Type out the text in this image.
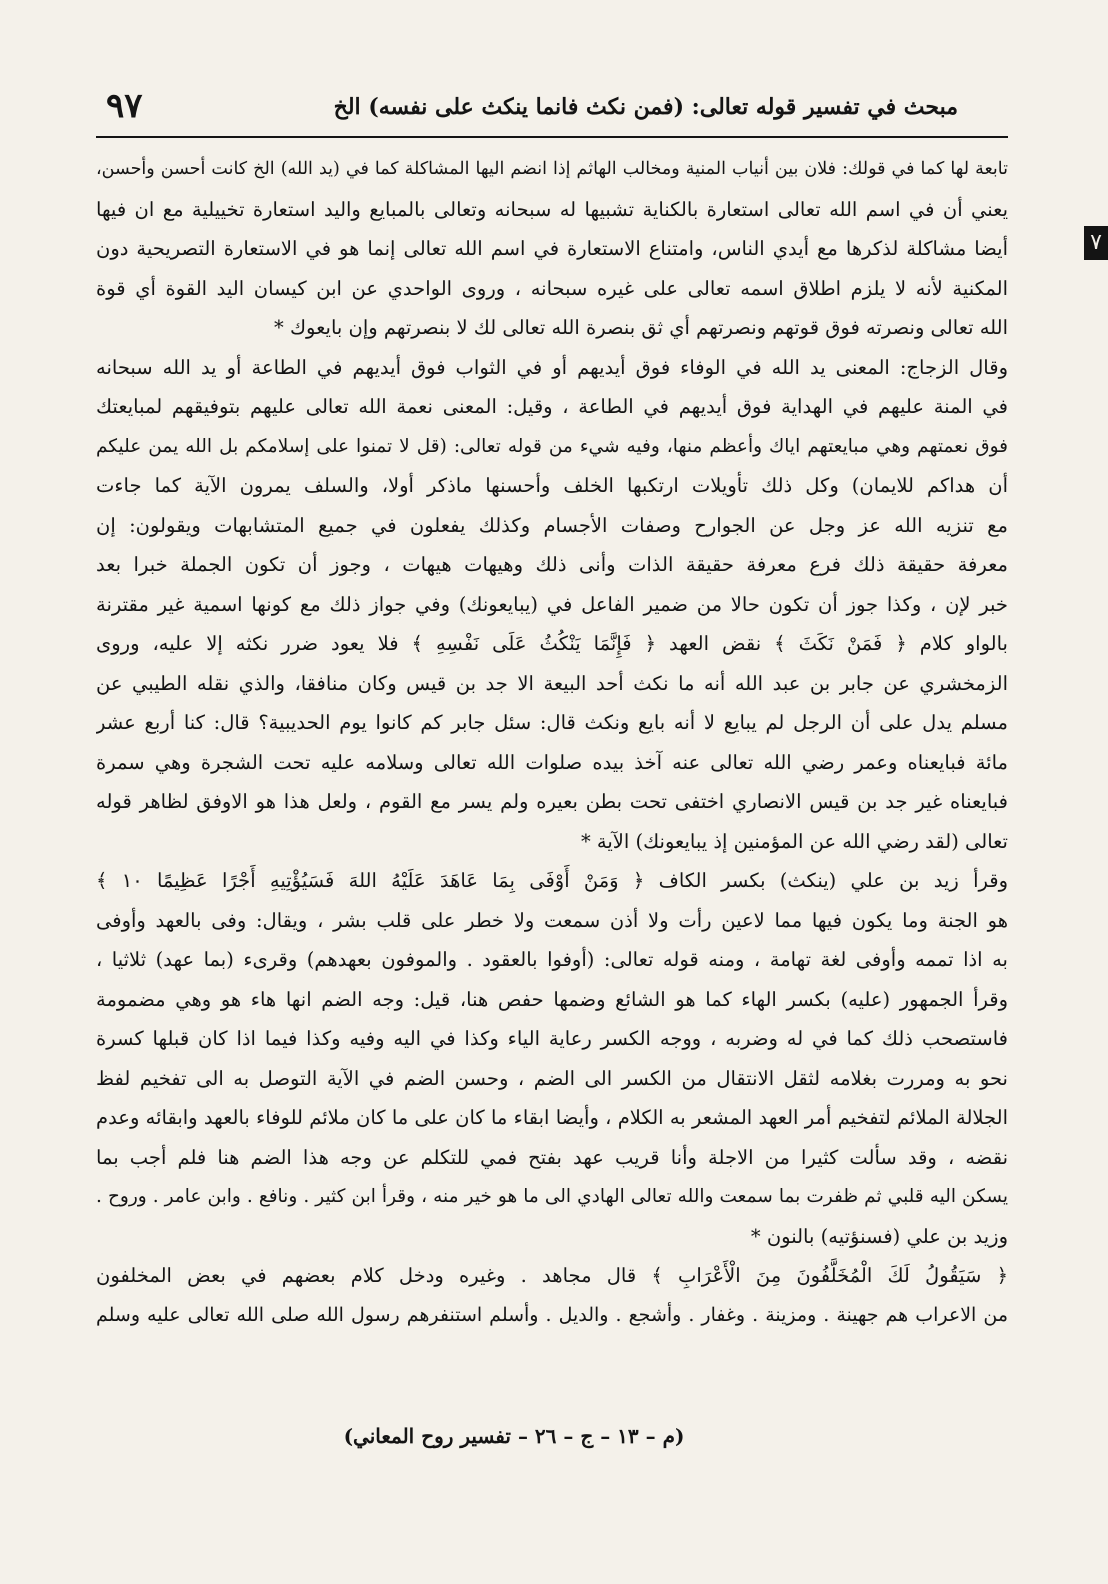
مبحث في تفسير قوله تعالى: (فمن نكث فانما ينكث على نفسه) الخ
٩٧
٧
تابعة لها كما في قولك: فلان بين أنياب المنية ومخالب الهاثم إذا انضم اليها المشاكلة كما في (يد الله) الخ كانت أحسن وأحسن،
يعني أن في اسم الله تعالى استعارة بالكناية تشبيها له سبحانه وتعالى بالمبايع واليد استعارة تخييلية مع ان فيها
أيضا مشاكلة لذكرها مع أيدي الناس، وامتناع الاستعارة في اسم الله تعالى إنما هو في الاستعارة التصريحية دون
المكنية لأنه لا يلزم اطلاق اسمه تعالى على غيره سبحانه ، وروى الواحدي عن ابن كيسان اليد القوة أي قوة
الله تعالى ونصرته فوق قوتهم ونصرتهم أي ثق بنصرة الله تعالى لك لا بنصرتهم وإن بايعوك *
وقال الزجاج: المعنى يد الله في الوفاء فوق أيديهم أو في الثواب فوق أيديهم في الطاعة أو يد الله سبحانه
في المنة عليهم في الهداية فوق أيديهم في الطاعة ، وقيل: المعنى نعمة الله تعالى عليهم بتوفيقهم لمبايعتك
فوق نعمتهم وهي مبايعتهم اياك وأعظم منها، وفيه شيء من قوله تعالى: (قل لا تمنوا على إسلامكم بل الله يمن عليكم
أن هداكم للايمان) وكل ذلك تأويلات ارتكبها الخلف وأحسنها ماذكر أولا، والسلف يمرون الآية كما جاءت
مع تنزيه الله عز وجل عن الجوارح وصفات الأجسام وكذلك يفعلون في جميع المتشابهات ويقولون: إن
معرفة حقيقة ذلك فرع معرفة حقيقة الذات وأنى ذلك وهيهات هيهات ، وجوز أن تكون الجملة خبرا بعد
خبر لإن ، وكذا جوز أن تكون حالا من ضمير الفاعل في (يبايعونك) وفي جواز ذلك مع كونها اسمية غير مقترنة
بالواو كلام ﴿ فَمَنْ نَكَثَ ﴾ نقض العهد ﴿ فَإِنَّمَا يَنْكُثُ عَلَى نَفْسِهِ ﴾ فلا يعود ضرر نكثه إلا عليه، وروى
الزمخشري عن جابر بن عبد الله أنه ما نكث أحد البيعة الا جد بن قيس وكان منافقا، والذي نقله الطيبي عن
مسلم يدل على أن الرجل لم يبايع لا أنه بايع ونكث قال: سئل جابر كم كانوا يوم الحديبية؟ قال: كنا أربع عشر
مائة فبايعناه وعمر رضي الله تعالى عنه آخذ بيده صلوات الله تعالى وسلامه عليه تحت الشجرة وهي سمرة
فبايعناه غير جد بن قيس الانصاري اختفى تحت بطن بعيره ولم يسر مع القوم ، ولعل هذا هو الاوفق لظاهر قوله
تعالى (لقد رضي الله عن المؤمنين إذ يبايعونك) الآية *
وقرأ زيد بن علي (ينكث) بكسر الكاف ﴿ وَمَنْ أَوْفَى بِمَا عَاهَدَ عَلَيْهُ اللهَ فَسَيُؤْتِيهِ أَجْرًا عَظِيمًا ١٠ ﴾
هو الجنة وما يكون فيها مما لاعين رأت ولا أذن سمعت ولا خطر على قلب بشر ، ويقال: وفى بالعهد وأوفى
به اذا تممه وأوفى لغة تهامة ، ومنه قوله تعالى: (أوفوا بالعقود . والموفون بعهدهم) وقرىء (بما عهد) ثلاثيا ،
وقرأ الجمهور (عليه) بكسر الهاء كما هو الشائع وضمها حفص هنا، قيل: وجه الضم انها هاء هو وهي مضمومة
فاستصحب ذلك كما في له وضربه ، ووجه الكسر رعاية الياء وكذا في اليه وفيه وكذا فيما اذا كان قبلها كسرة
نحو به ومررت بغلامه لثقل الانتقال من الكسر الى الضم ، وحسن الضم في الآية التوصل به الى تفخيم لفظ
الجلالة الملائم لتفخيم أمر العهد المشعر به الكلام ، وأيضا ابقاء ما كان على ما كان ملائم للوفاء بالعهد وابقائه وعدم
نقضه ، وقد سألت كثيرا من الاجلة وأنا قريب عهد بفتح فمي للتكلم عن وجه هذا الضم هنا فلم أجب بما
يسكن اليه قلبي ثم ظفرت بما سمعت والله تعالى الهادي الى ما هو خير منه ، وقرأ ابن كثير . ونافع . وابن عامر . وروح .
وزيد بن علي (فسنؤتيه) بالنون *
﴿ سَيَقُولُ لَكَ الْمُخَلَّفُونَ مِنَ الْأَعْرَابِ ﴾ قال مجاهد . وغيره ودخل كلام بعضهم في بعض المخلفون
من الاعراب هم جهينة . ومزينة . وغفار . وأشجع . والديل . وأسلم استنفرهم رسول الله صلى الله تعالى عليه وسلم
(م – ١٣ – ج – ٢٦ – تفسير روح المعاني)
